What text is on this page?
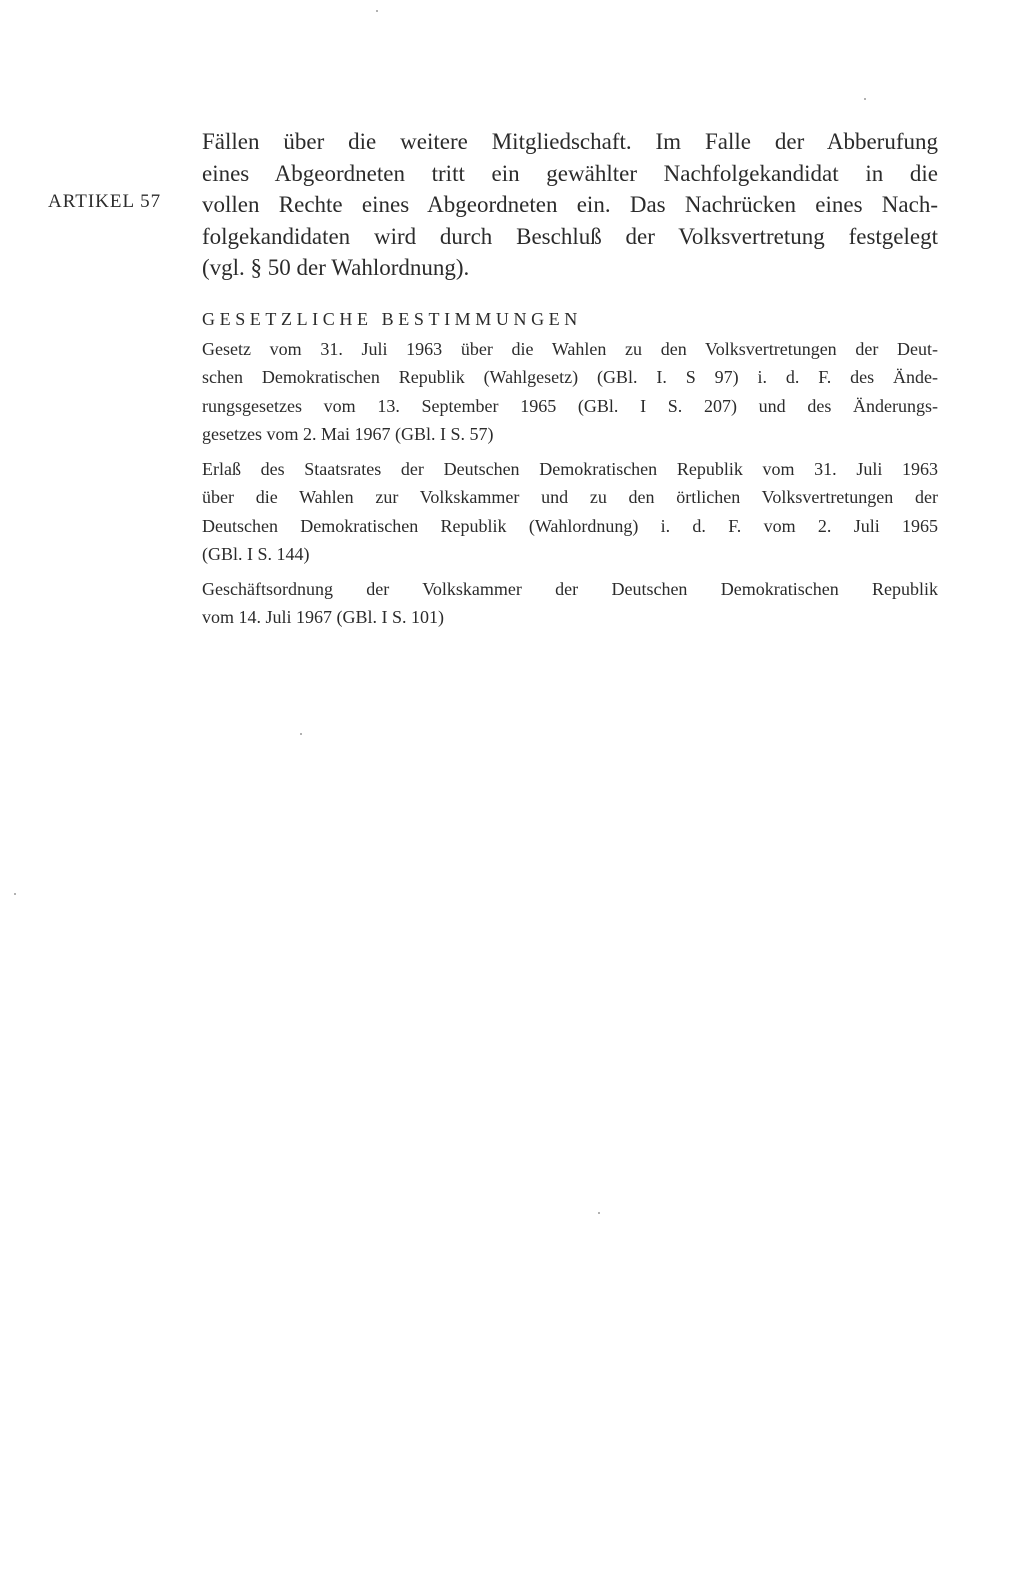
ARTIKEL 57
Fällen über die weitere Mitgliedschaft. Im Falle der Abberufung
eines Abgeordneten tritt ein gewählter Nachfolgekandidat in die
vollen Rechte eines Abgeordneten ein. Das Nachrücken eines Nach-
folgekandidaten wird durch Beschluß der Volksvertretung festgelegt
(vgl. § 50 der Wahlordnung).
GESETZLICHE BESTIMMUNGEN
Gesetz vom 31. Juli 1963 über die Wahlen zu den Volksvertretungen der Deut-
schen Demokratischen Republik (Wahlgesetz) (GBl. I. S 97) i. d. F. des Ände-
rungsgesetzes vom 13. September 1965 (GBl. I S. 207) und des Änderungs-
gesetzes vom 2. Mai 1967 (GBl. I S. 57)
Erlaß des Staatsrates der Deutschen Demokratischen Republik vom 31. Juli 1963
über die Wahlen zur Volkskammer und zu den örtlichen Volksvertretungen der
Deutschen Demokratischen Republik (Wahlordnung) i. d. F. vom 2. Juli 1965
(GBl. I S. 144)
Geschäftsordnung der Volkskammer der Deutschen Demokratischen Republik
vom 14. Juli 1967 (GBl. I S. 101)
